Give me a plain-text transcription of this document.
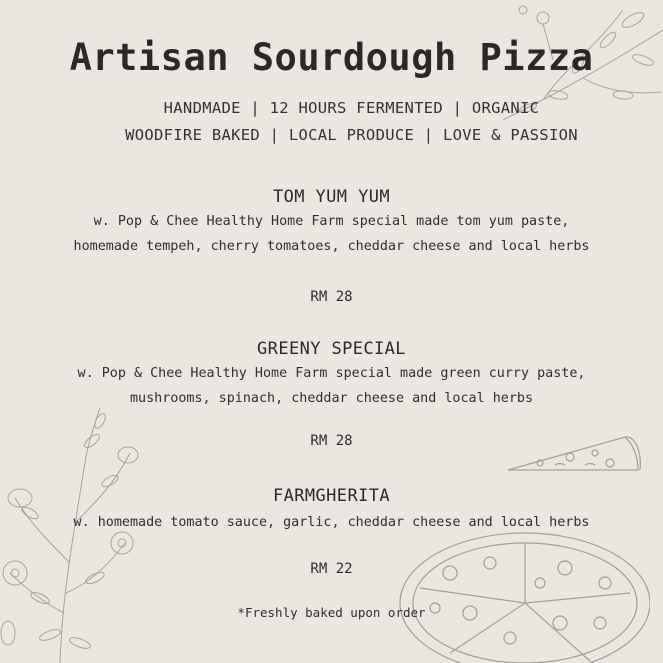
Artisan Sourdough Pizza
HANDMADE | 12 HOURS FERMENTED | ORGANIC
WOODFIRE BAKED | LOCAL PRODUCE | LOVE & PASSION
TOM YUM YUM
w. Pop & Chee Healthy Home Farm special made tom yum paste,
homemade tempeh, cherry tomatoes, cheddar cheese and local herbs
RM 28
GREENY SPECIAL
w. Pop & Chee Healthy Home Farm special made green curry paste,
mushrooms, spinach, cheddar cheese and local herbs
RM 28
FARMGHERITA
w. homemade tomato sauce, garlic, cheddar cheese and local herbs
RM 22
*Freshly baked upon order
